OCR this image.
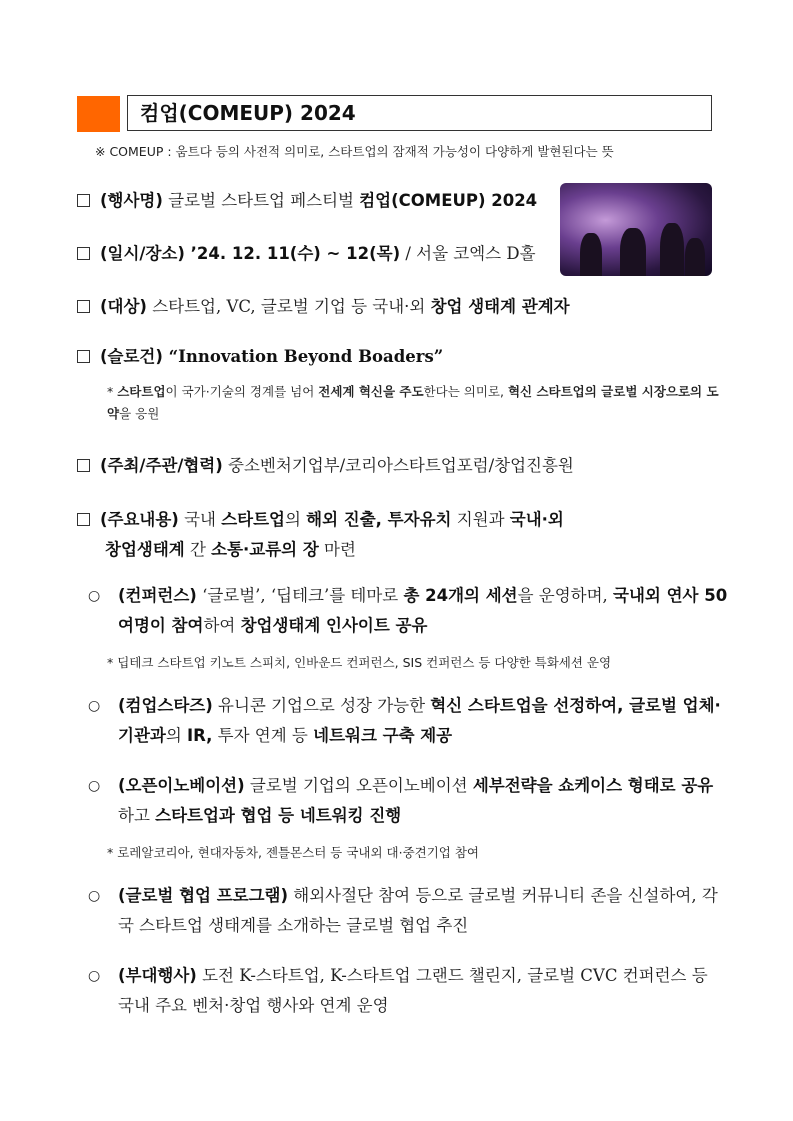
컴업(COMEUP) 2024
※ COMEUP : 움트다 등의 사전적 의미로, 스타트업의 잠재적 가능성이 다양하게 발현된다는 뜻
(행사명) 글로벌 스타트업 페스티벌 컴업(COMEUP) 2024
(일시/장소) ’24. 12. 11(수) ~ 12(목) / 서울 코엑스 D홀
(대상) 스타트업, VC, 글로벌 기업 등 국내·외 창업 생태계 관계자
(슬로건) “Innovation Beyond Boaders”
* 스타트업이 국가·기술의 경계를 넘어 전세계 혁신을 주도한다는 의미로, 혁신 스타트업의 글로벌 시장으로의 도약을 응원
(주최/주관/협력) 중소벤처기업부/코리아스타트업포럼/창업진흥원
(주요내용) 국내 스타트업의 해외 진출, 투자유치 지원과 국내·외
창업생태계 간 소통·교류의 장 마련
○ (컨퍼런스) ‘글로벌’, ‘딥테크’를 테마로 총 24개의 세션을 운영하며, 국내외 연사 50여명이 참여하여 창업생태계 인사이트 공유
* 딥테크 스타트업 키노트 스피치, 인바운드 컨퍼런스, SIS 컨퍼런스 등 다양한 특화세션 운영
○ (컴업스타즈) 유니콘 기업으로 성장 가능한 혁신 스타트업을 선정하여, 글로벌 업체·기관과의 IR, 투자 연계 등 네트워크 구축 제공
○ (오픈이노베이션) 글로벌 기업의 오픈이노베이션 세부전략을 쇼케이스 형태로 공유하고 스타트업과 협업 등 네트워킹 진행
* 로레알코리아, 현대자동차, 젠틀몬스터 등 국내외 대·중견기업 참여
○ (글로벌 협업 프로그램) 해외사절단 참여 등으로 글로벌 커뮤니티 존을 신설하여, 각국 스타트업 생태계를 소개하는 글로벌 협업 추진
○ (부대행사) 도전 K-스타트업, K-스타트업 그랜드 챌린지, 글로벌 CVC 컨퍼런스 등 국내 주요 벤처·창업 행사와 연계 운영
